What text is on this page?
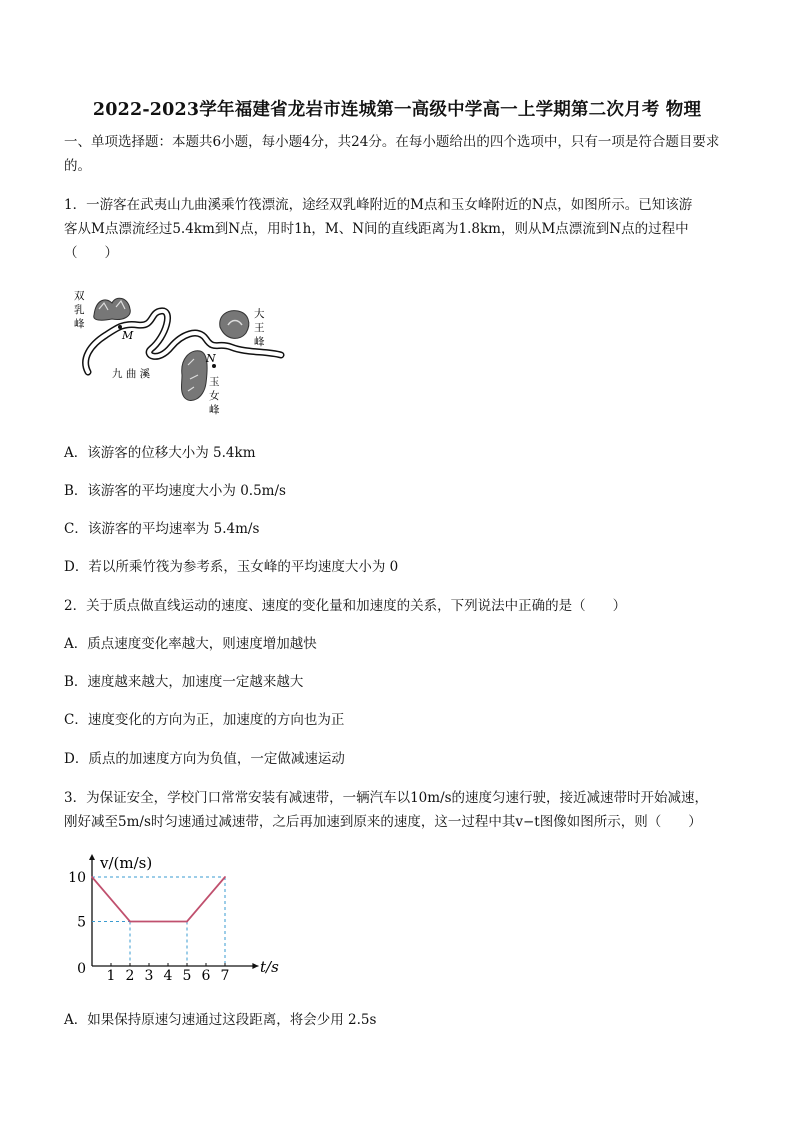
2022-2023学年福建省龙岩市连城第一高级中学高一上学期第二次月考 物理
一、单项选择题：本题共6小题，每小题4分，共24分。在每小题给出的四个选项中，只有一项是符合题目要求的。
1．一游客在武夷山九曲溪乘竹筏漂流，途经双乳峰附近的M点和玉女峰附近的N点，如图所示。已知该游
客从M点漂流经过5.4km到N点，用时1h，M、N间的直线距离为1.8km，则从M点漂流到N点的过程中
（　　）
双
乳
峰
大
王
峰
玉
女
峰
九 曲 溪
M
N
A．该游客的位移大小为 5.4km
B．该游客的平均速度大小为 0.5m/s
C．该游客的平均速率为 5.4m/s
D．若以所乘竹筏为参考系，玉女峰的平均速度大小为 0
2．关于质点做直线运动的速度、速度的变化量和加速度的关系，下列说法中正确的是（　　）
A．质点速度变化率越大，则速度增加越快
B．速度越来越大，加速度一定越来越大
C．速度变化的方向为正，加速度的方向也为正
D．质点的加速度方向为负值，一定做减速运动
3．为保证安全，学校门口常常安装有减速带，一辆汽车以10m/s的速度匀速行驶，接近减速带时开始减速，
刚好减至5m/s时匀速通过减速带，之后再加速到原来的速度，这一过程中其v−t图像如图所示，则（　　）
1 2 3 4 5 6 7
0
5
10
v/(m/s)
t/s
A．如果保持原速匀速通过这段距离，将会少用 2.5s
